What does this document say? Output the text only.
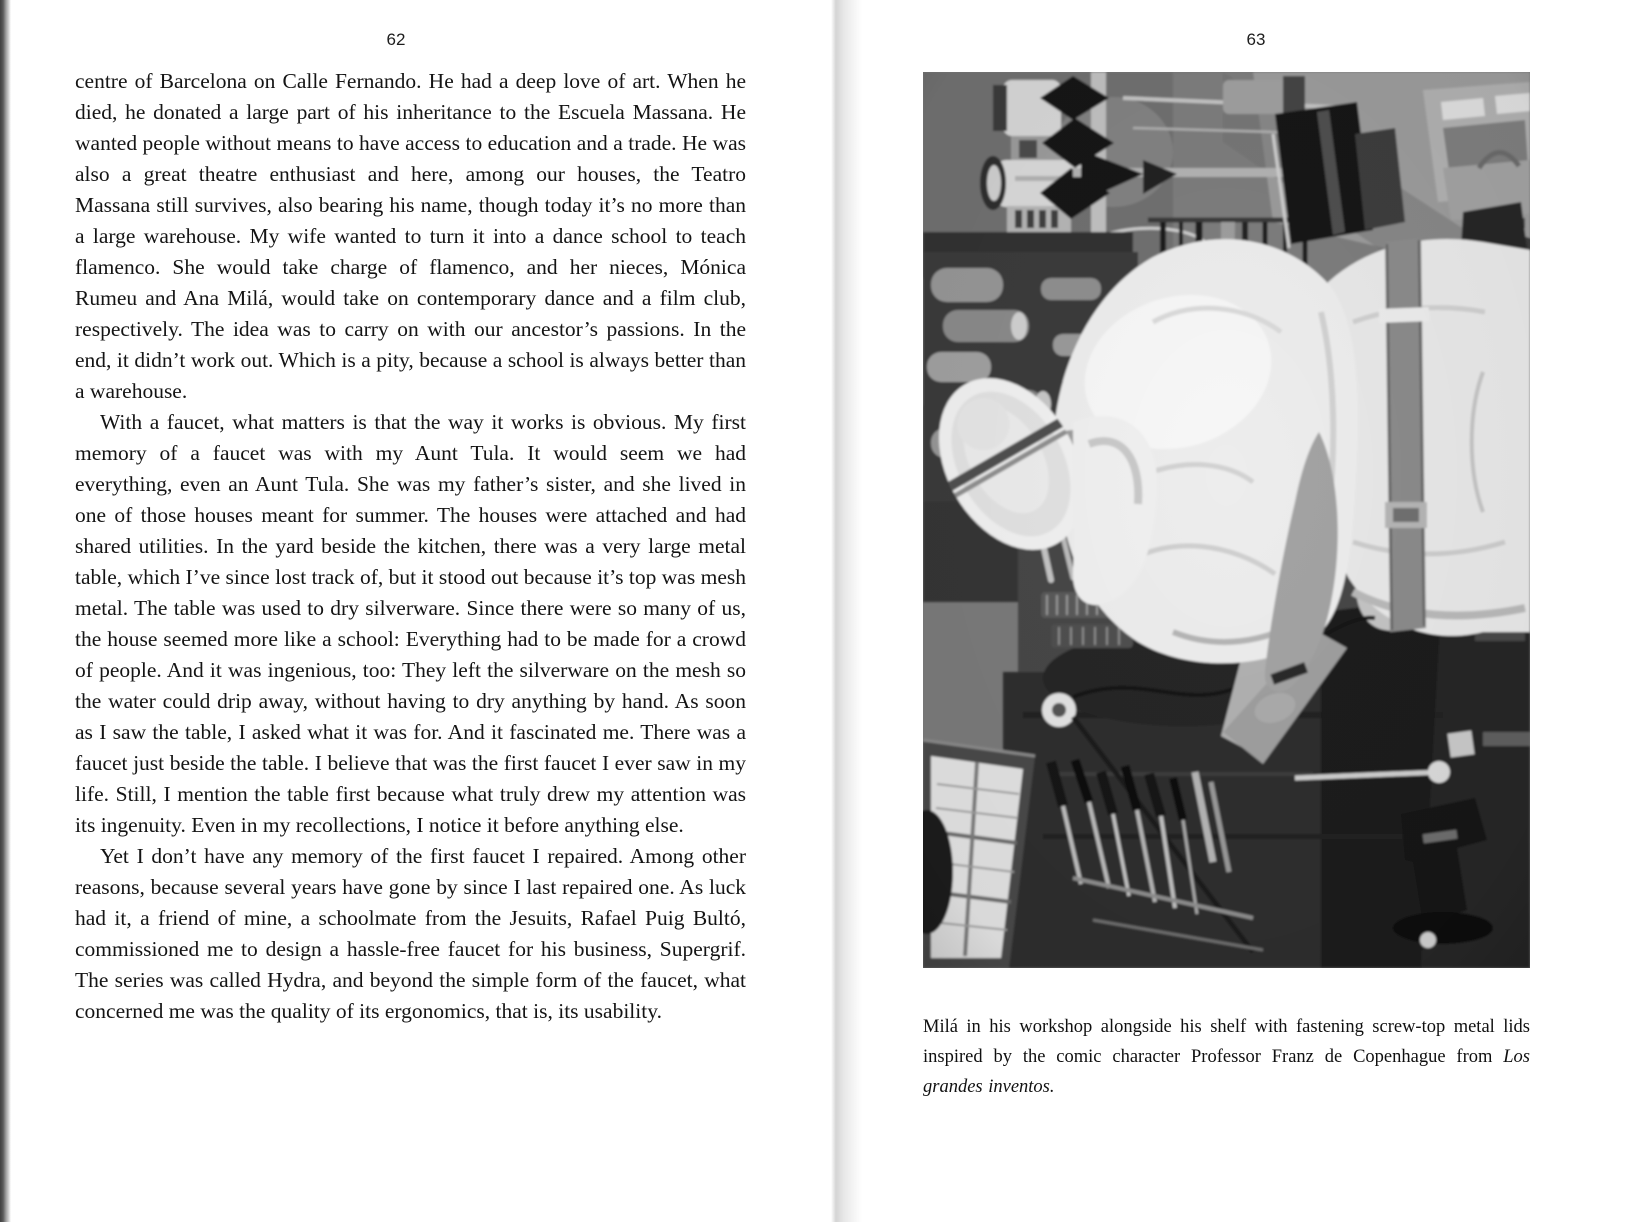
62

centre of Barcelona on Calle Fernando. He had a deep love of art. When he died, he donated a large part of his inheritance to the Escuela Massana. He wanted people without means to have access to education and a trade. He was also a great theatre enthusiast and here, among our houses, the Teatro Massana still survives, also bearing his name, though today it’s no more than a large warehouse. My wife wanted to turn it into a dance school to teach flamenco. She would take charge of flamenco, and her nieces, Mónica Rumeu and Ana Milá, would take on contemporary dance and a film club, respectively. The idea was to carry on with our ancestor’s passions. In the end, it didn’t work out. Which is a pity, because a school is always better than a warehouse.

With a faucet, what matters is that the way it works is obvious. My first memory of a faucet was with my Aunt Tula. It would seem we had everything, even an Aunt Tula. She was my father’s sister, and she lived in one of those houses meant for summer. The houses were attached and had shared utilities. In the yard beside the kitchen, there was a very large metal table, which I’ve since lost track of, but it stood out because it’s top was mesh metal. The table was used to dry silverware. Since there were so many of us, the house seemed more like a school: Everything had to be made for a crowd of people. And it was ingenious, too: They left the silverware on the mesh so the water could drip away, without having to dry anything by hand. As soon as I saw the table, I asked what it was for. And it fascinated me. There was a faucet just beside the table. I believe that was the first faucet I ever saw in my life. Still, I mention the table first because what truly drew my attention was its ingenuity. Even in my recollections, I notice it before anything else.

Yet I don’t have any memory of the first faucet I repaired. Among other reasons, because several years have gone by since I last repaired one. As luck had it, a friend of mine, a schoolmate from the Jesuits, Rafael Puig Bultó, commissioned me to design a hassle-free faucet for his business, Supergrif. The series was called Hydra, and beyond the simple form of the faucet, what concerned me was the quality of its ergonomics, that is, its usability.

63
Milá in his workshop alongside his shelf with fastening screw-top metal lids inspired by the comic character Professor Franz de Copenhague from Los grandes inventos.
